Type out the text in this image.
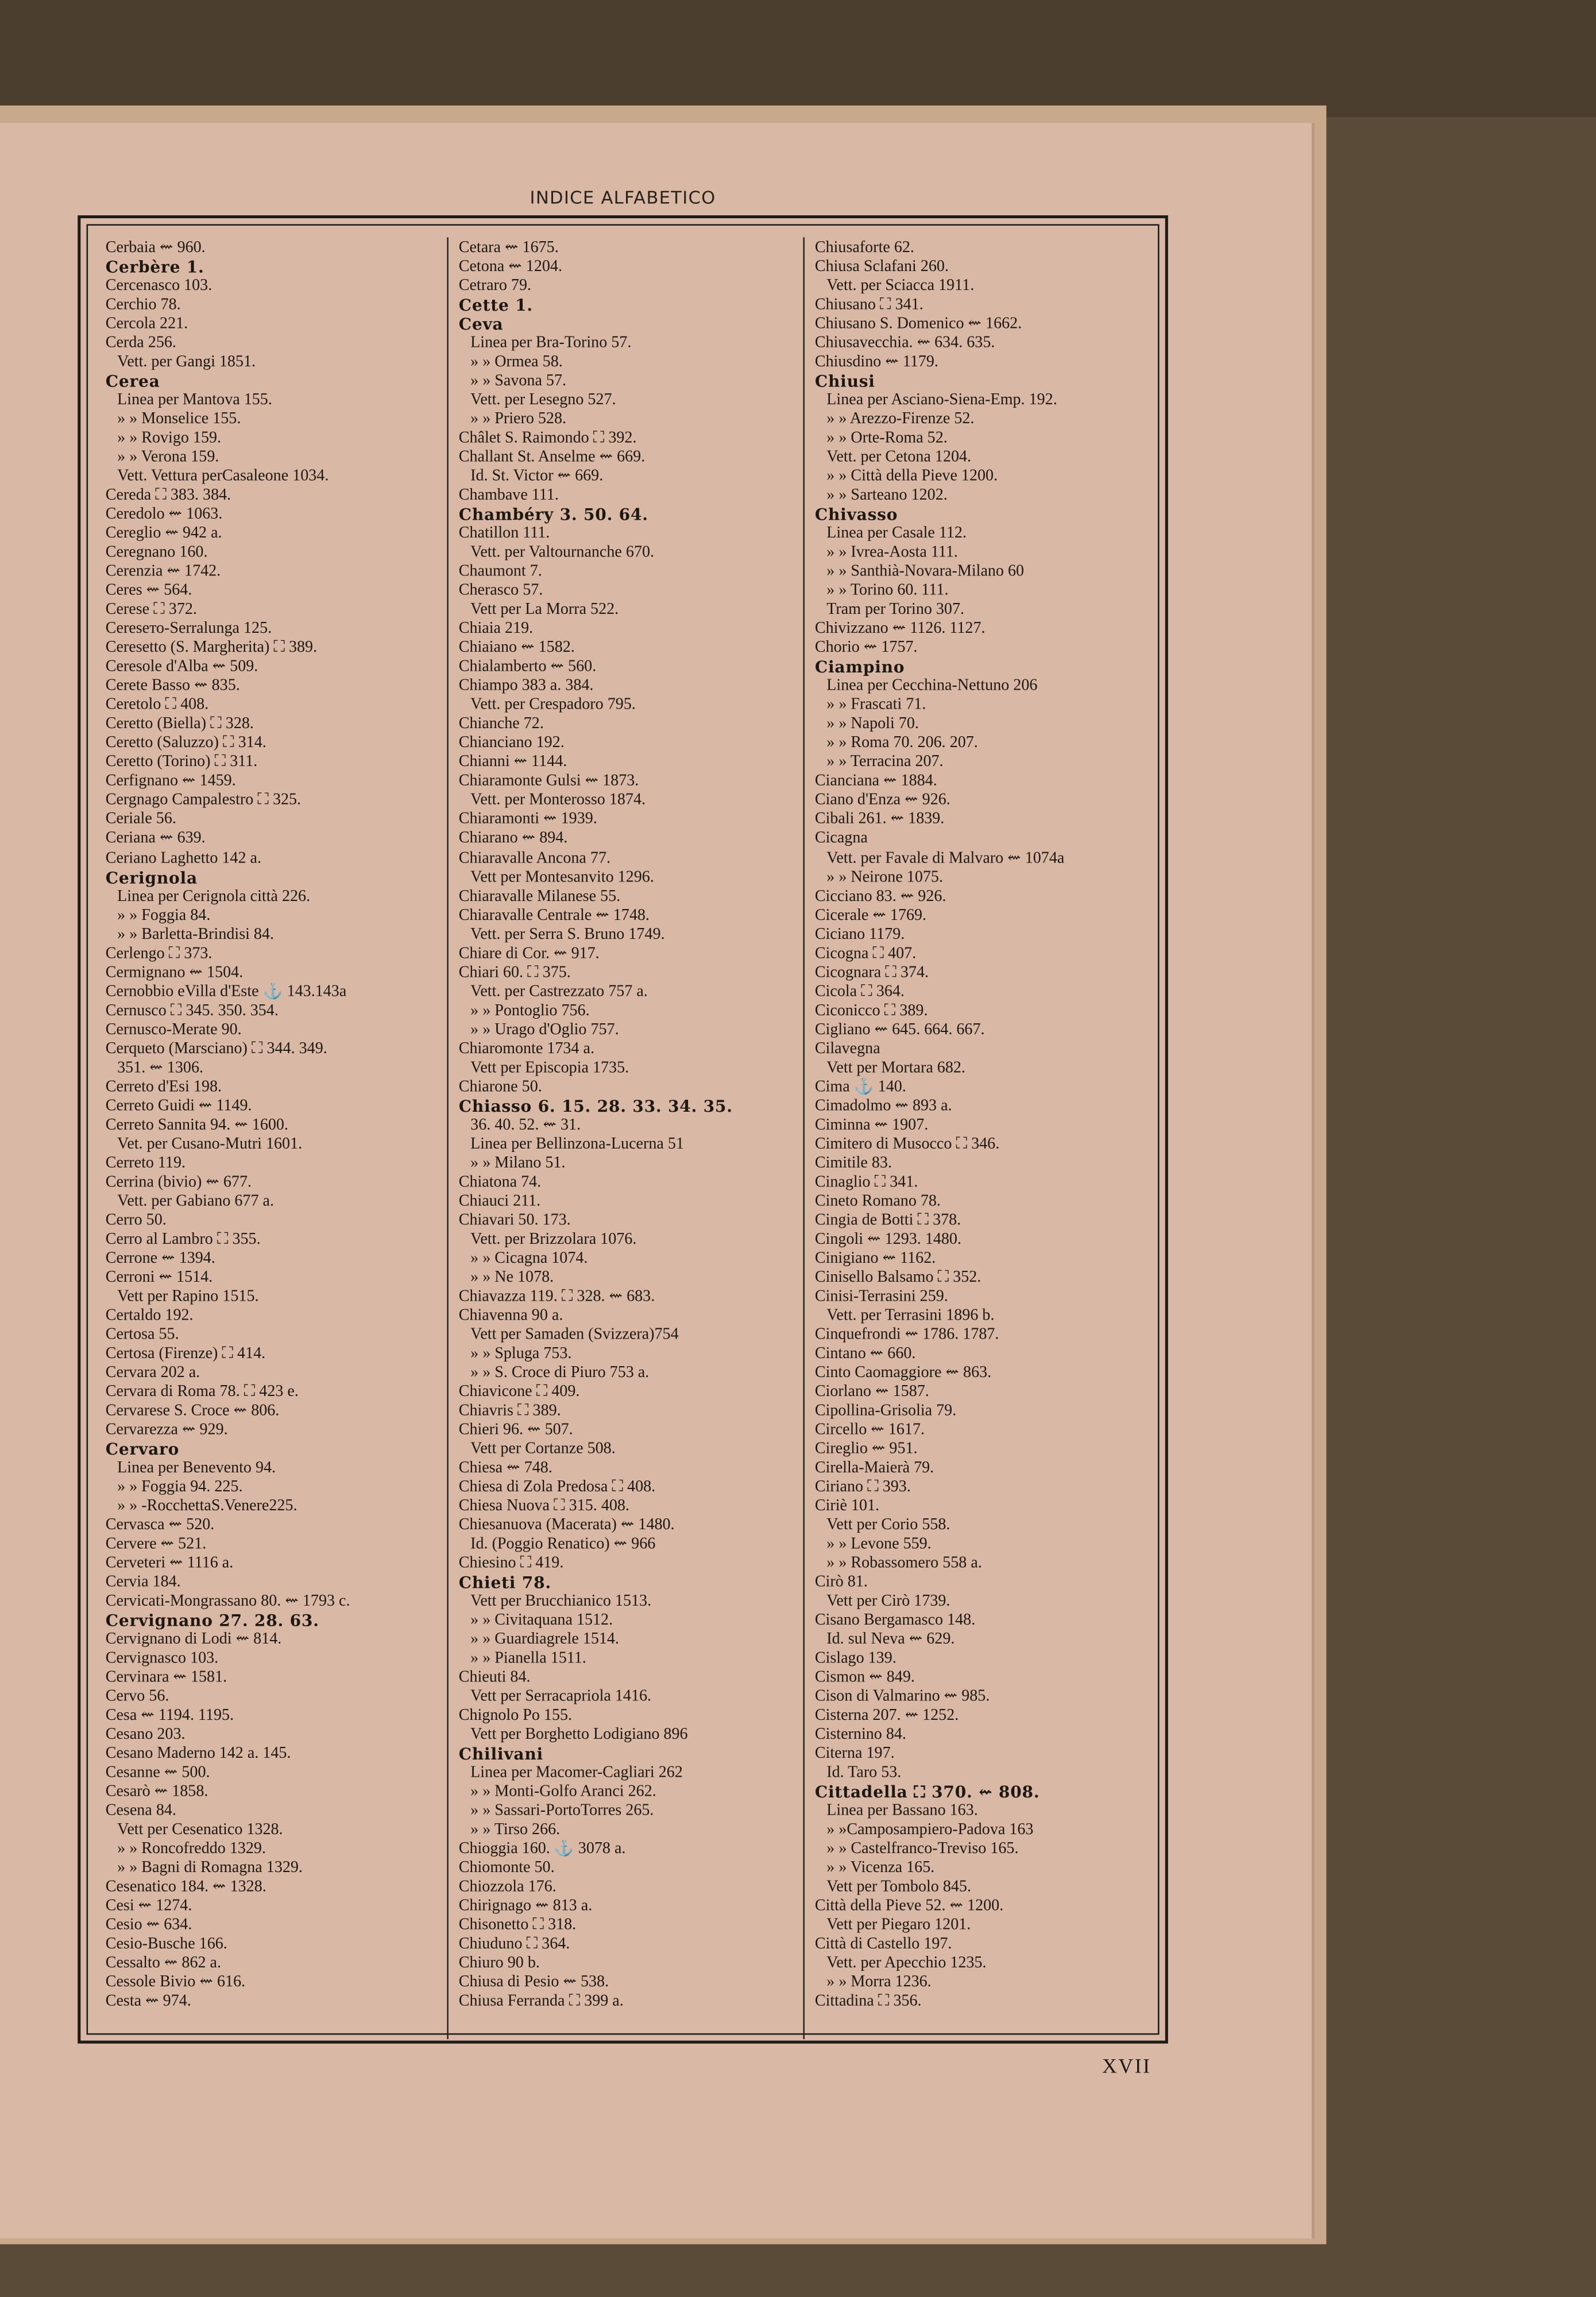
INDICE ALFABETICO
Cerbaia ⇜ 960.
Cerbère 1.
Cercenasco 103.
Cerchio 78.
Cercola 221.
Cerda 256.
Vett. per Gangi 1851.
Cerea
Linea per Mantova 155.
» » Monselice 155.
» » Rovigo 159.
» » Verona 159.
Vett. Vettura perCasaleone 1034.
Cereda ⛶ 383. 384.
Ceredolo ⇜ 1063.
Cereglio ⇜ 942 a.
Ceregnano 160.
Cerenzia ⇜ 1742.
Ceres ⇜ 564.
Cerese ⛶ 372.
Ceresето-Serralunga 125.
Ceresetto (S. Margherita) ⛶ 389.
Ceresole d'Alba ⇜ 509.
Cerete Basso ⇜ 835.
Ceretolo ⛶ 408.
Ceretto (Biella) ⛶ 328.
Ceretto (Saluzzo) ⛶ 314.
Ceretto (Torino) ⛶ 311.
Cerfignano ⇜ 1459.
Cergnago Campalestro ⛶ 325.
Ceriale 56.
Ceriana ⇜ 639.
Ceriano Laghetto 142 a.
Cerignola
Linea per Cerignola città 226.
» » Foggia 84.
» » Barletta-Brindisi 84.
Cerlengo ⛶ 373.
Cermignano ⇜ 1504.
Cernobbio eVilla d'Este ⚓ 143.143a
Cernusco ⛶ 345. 350. 354.
Cernusco-Merate 90.
Cerqueto (Marsciano) ⛶ 344. 349.
351. ⇜ 1306.
Cerreto d'Esi 198.
Cerreto Guidi ⇜ 1149.
Cerreto Sannita 94. ⇜ 1600.
Vet. per Cusano-Mutri 1601.
Cerreto 119.
Cerrina (bivio) ⇜ 677.
Vett. per Gabiano 677 a.
Cerro 50.
Cerro al Lambro ⛶ 355.
Cerrone ⇜ 1394.
Cerroni ⇜ 1514.
Vett per Rapino 1515.
Certaldo 192.
Certosa 55.
Certosa (Firenze) ⛶ 414.
Cervara 202 a.
Cervara di Roma 78. ⛶ 423 e.
Cervarese S. Croce ⇜ 806.
Cervarezza ⇜ 929.
Cervaro
Linea per Benevento 94.
» » Foggia 94. 225.
» » -RocchettaS.Venere225.
Cervasca ⇜ 520.
Cervere ⇜ 521.
Cerveteri ⇜ 1116 a.
Cervia 184.
Cervicati-Mongrassano 80. ⇜ 1793 c.
Cervignano 27. 28. 63.
Cervignano di Lodi ⇜ 814.
Cervignasco 103.
Cervinara ⇜ 1581.
Cervo 56.
Cesa ⇜ 1194. 1195.
Cesano 203.
Cesano Maderno 142 a. 145.
Cesanne ⇜ 500.
Cesarò ⇜ 1858.
Cesena 84.
Vett per Cesenatico 1328.
» » Roncofreddo 1329.
» » Bagni di Romagna 1329.
Cesenatico 184. ⇜ 1328.
Cesi ⇜ 1274.
Cesio ⇜ 634.
Cesio-Busche 166.
Cessalto ⇜ 862 a.
Cessole Bivio ⇜ 616.
Cesta ⇜ 974.
Cetara ⇜ 1675.
Cetona ⇜ 1204.
Cetraro 79.
Cette 1.
Ceva
Linea per Bra-Torino 57.
» » Ormea 58.
» » Savona 57.
Vett. per Lesegno 527.
» » Priero 528.
Châlet S. Raimondo ⛶ 392.
Challant St. Anselme ⇜ 669.
Id. St. Victor ⇜ 669.
Chambave 111.
Chambéry 3. 50. 64.
Chatillon 111.
Vett. per Valtournanche 670.
Chaumont 7.
Cherasco 57.
Vett per La Morra 522.
Chiaia 219.
Chiaiano ⇜ 1582.
Chialamberto ⇜ 560.
Chiampo 383 a. 384.
Vett. per Crespadoro 795.
Chianche 72.
Chianciano 192.
Chianni ⇜ 1144.
Chiaramonte Gulsi ⇜ 1873.
Vett. per Monterosso 1874.
Chiaramonti ⇜ 1939.
Chiarano ⇜ 894.
Chiaravalle Ancona 77.
Vett per Montesanvito 1296.
Chiaravalle Milanese 55.
Chiaravalle Centrale ⇜ 1748.
Vett. per Serra S. Bruno 1749.
Chiare di Cor. ⇜ 917.
Chiari 60. ⛶ 375.
Vett. per Castrezzato 757 a.
» » Pontoglio 756.
» » Urago d'Oglio 757.
Chiaromonte 1734 a.
Vett per Episcopia 1735.
Chiarone 50.
Chiasso 6. 15. 28. 33. 34. 35.
36. 40. 52. ⇜ 31.
Linea per Bellinzona-Lucerna 51
» » Milano 51.
Chiatona 74.
Chiauci 211.
Chiavari 50. 173.
Vett. per Brizzolara 1076.
» » Cicagna 1074.
» » Ne 1078.
Chiavazza 119. ⛶ 328. ⇜ 683.
Chiavenna 90 a.
Vett per Samaden (Svizzera)754
» » Spluga 753.
» » S. Croce di Piuro 753 a.
Chiavicone ⛶ 409.
Chiavris ⛶ 389.
Chieri 96. ⇜ 507.
Vett per Cortanze 508.
Chiesa ⇜ 748.
Chiesa di Zola Predosa ⛶ 408.
Chiesa Nuova ⛶ 315. 408.
Chiesanuova (Macerata) ⇜ 1480.
Id. (Poggio Renatico) ⇜ 966
Chiesino ⛶ 419.
Chieti 78.
Vett per Brucchianico 1513.
» » Civitaquana 1512.
» » Guardiagrele 1514.
» » Pianella 1511.
Chieuti 84.
Vett per Serracapriola 1416.
Chignolo Po 155.
Vett per Borghetto Lodigiano 896
Chilivani
Linea per Macomer-Cagliari 262
» » Monti-Golfo Aranci 262.
» » Sassari-PortoTorres 265.
» » Tirso 266.
Chioggia 160. ⚓ 3078 a.
Chiomonte 50.
Chiozzola 176.
Chirignago ⇜ 813 a.
Chisonetto ⛶ 318.
Chiuduno ⛶ 364.
Chiuro 90 b.
Chiusa di Pesio ⇜ 538.
Chiusa Ferranda ⛶ 399 a.
Chiusaforte 62.
Chiusa Sclafani 260.
Vett. per Sciacca 1911.
Chiusano ⛶ 341.
Chiusano S. Domenico ⇜ 1662.
Chiusavecchia. ⇜ 634. 635.
Chiusdino ⇜ 1179.
Chiusi
Linea per Asciano-Siena-Emp. 192.
» » Arezzo-Firenze 52.
» » Orte-Roma 52.
Vett. per Cetona 1204.
» » Città della Pieve 1200.
» » Sarteano 1202.
Chivasso
Linea per Casale 112.
» » Ivrea-Aosta 111.
» » Santhià-Novara-Milano 60
» » Torino 60. 111.
Tram per Torino 307.
Chivizzano ⇜ 1126. 1127.
Chorio ⇜ 1757.
Ciampino
Linea per Cecchina-Nettuno 206
» » Frascati 71.
» » Napoli 70.
» » Roma 70. 206. 207.
» » Terracina 207.
Cianciana ⇜ 1884.
Ciano d'Enza ⇜ 926.
Cibali 261. ⇜ 1839.
Cicagna
Vett. per Favale di Malvaro ⇜ 1074a
» » Neirone 1075.
Cicciano 83. ⇜ 926.
Cicerale ⇜ 1769.
Ciciano 1179.
Cicogna ⛶ 407.
Cicognara ⛶ 374.
Cicola ⛶ 364.
Ciconicco ⛶ 389.
Cigliano ⇜ 645. 664. 667.
Cilavegna
Vett per Mortara 682.
Cima ⚓ 140.
Cimadolmo ⇜ 893 a.
Ciminna ⇜ 1907.
Cimitero di Musocco ⛶ 346.
Cimitile 83.
Cinaglio ⛶ 341.
Cineto Romano 78.
Cingia de Botti ⛶ 378.
Cingoli ⇜ 1293. 1480.
Cinigiano ⇜ 1162.
Cinisello Balsamo ⛶ 352.
Cinisi-Terrasini 259.
Vett. per Terrasini 1896 b.
Cinquefrondi ⇜ 1786. 1787.
Cintano ⇜ 660.
Cinto Caomaggiore ⇜ 863.
Ciorlano ⇜ 1587.
Cipollina-Grisolia 79.
Circello ⇜ 1617.
Cireglio ⇜ 951.
Cirella-Maierà 79.
Ciriano ⛶ 393.
Ciriè 101.
Vett per Corio 558.
» » Levone 559.
» » Robassomero 558 a.
Cirò 81.
Vett per Cirò 1739.
Cisano Bergamasco 148.
Id. sul Neva ⇜ 629.
Cislago 139.
Cismon ⇜ 849.
Cison di Valmarino ⇜ 985.
Cisterna 207. ⇜ 1252.
Cisternino 84.
Citerna 197.
Id. Taro 53.
Cittadella ⛶ 370. ⇜ 808.
Linea per Bassano 163.
» »Camposampiero-Padova 163
» » Castelfranco-Treviso 165.
» » Vicenza 165.
Vett per Tombolo 845.
Città della Pieve 52. ⇜ 1200.
Vett per Piegaro 1201.
Città di Castello 197.
Vett. per Apecchio 1235.
» » Morra 1236.
Cittadina ⛶ 356.
XVII
